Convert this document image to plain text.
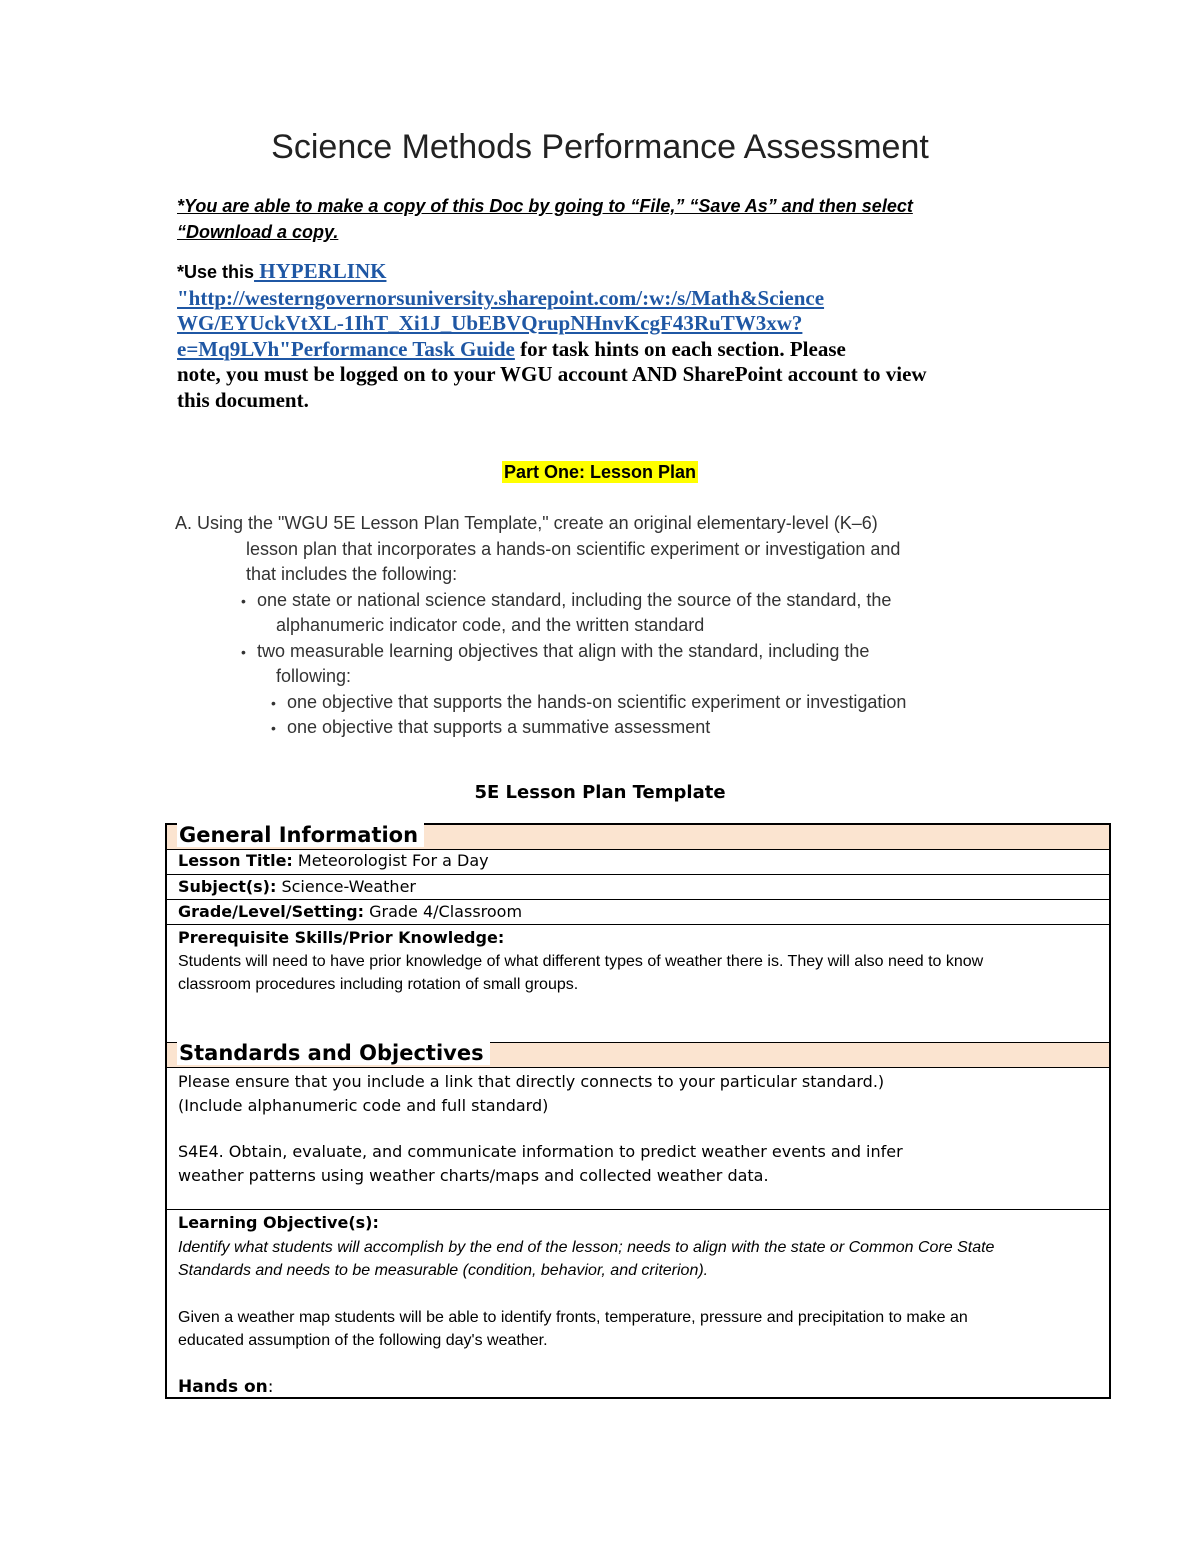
Science Methods Performance Assessment
*You are able to make a copy of this Doc by going to “File,” “Save As” and then select
“Download a copy.
*Use this HYPERLINK
"http://westerngovernorsuniversity.sharepoint.com/:w:/s/Math&Science
WG/EYUckVtXL-1IhT_Xi1J_UbEBVQrupNHnvKcgF43RuTW3xw?
e=Mq9LVh"Performance Task Guide for task hints on each section. Please
note, you must be logged on to your WGU account AND SharePoint account to view
this document.
Part One: Lesson Plan
A. Using the "WGU 5E Lesson Plan Template," create an original elementary-level (K–6)
lesson plan that incorporates a hands-on scientific experiment or investigation and
that includes the following:
• one state or national science standard, including the source of the standard, the
alphanumeric indicator code, and the written standard
• two measurable learning objectives that align with the standard, including the
following:
• one objective that supports the hands-on scientific experiment or investigation
• one objective that supports a summative assessment
5E Lesson Plan Template
General Information
Lesson Title: Meteorologist For a Day
Subject(s): Science-Weather
Grade/Level/Setting: Grade 4/Classroom
Prerequisite Skills/Prior Knowledge:
Students will need to have prior knowledge of what different types of weather there is. They will also need to know
classroom procedures including rotation of small groups.
Standards and Objectives
Please ensure that you include a link that directly connects to your particular standard.)
(Include alphanumeric code and full standard)
S4E4. Obtain, evaluate, and communicate information to predict weather events and infer
weather patterns using weather charts/maps and collected weather data.
Learning Objective(s):
Identify what students will accomplish by the end of the lesson; needs to align with the state or Common Core State
Standards and needs to be measurable (condition, behavior, and criterion).
Given a weather map students will be able to identify fronts, temperature, pressure and precipitation to make an
educated assumption of the following day's weather.
Hands on:
